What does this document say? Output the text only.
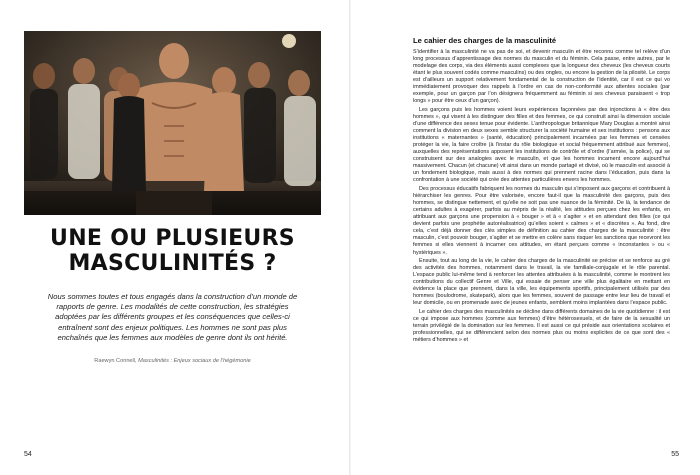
UNE OU PLUSIEURS
MASCULINITÉS ?
Nous sommes toutes et tous engagés dans la construction d’un monde de rapports de genre. Les modalités de cette construction, les stratégies adoptées par les différents groupes et les conséquences que celles-ci entraînent sont des enjeux politiques. Les hommes ne sont pas plus enchaînés que les femmes aux modèles de genre dont ils ont hérité.
Raewyn Connell, Masculinités : Enjeux sociaux de l’hégémonie
54
Le cahier des charges de la masculinité

S’identifier à la masculinité ne va pas de soi, et devenir masculin et être reconnu comme tel relève d’un long processus d’apprentissage des normes du masculin et du féminin. Cela passe, entre autres, par le modelage des corps, via des éléments aussi complexes que la longueur des cheveux (les cheveux courts étant le plus souvent codés comme masculins) ou des ongles, ou encore la gestion de la pilosité. Le corps est d’ailleurs un support relativement fondamental de la construction de l’identité, car il est ce qui vo immédiatement provoquer des rappels à l’ordre en cas de non-conformité aux attentes sociales (par exemple, pour un garçon par l’on désignera fréquemment au féminin si ses cheveux paraissent « trop longs » pour être ceux d’un garçon).

Les garçons puis les hommes voient leurs expériences façonnées par des injonctions à « être des hommes », qui visent à les distinguer des filles et des femmes, ce qui construit ainsi la dimension sociale d’une différence des sexes tenue pour évidente. L’anthropologue britannique Mary Douglas a montré ainsi comment la division en deux sexes semble structurer la société humaine et ses institutions : pensons aux institutions « maternantes » (santé, éducation) principalement incarnées par les femmes et censées protéger la vie, la faire croître (à l’instar du rôle biologique et social fréquemment attribué aux femmes), auxquelles des représentations apposent les institutions de contrôle et d’ordre (l’armée, la police), qui se construisent sur des analogies avec le masculin, et que les hommes incarnent encore aujourd’hui massivement. Chacun (et chacune) vit ainsi dans un monde partagé et divisé, où le masculin est associé à un fondement biologique, mais aussi à des normes qui prennent racine dans l’éducation, puis dans la confrontation à une société qui crée des attentes particulières envers les hommes.

Des processus éducatifs fabriquent les normes du masculin qui s’imposent aux garçons et contribuent à hiérarchiser les genres. Pour être valorisée, encore faut-il que la masculinité des garçons, puis des hommes, se distingue nettement, et qu’elle ne soit pas une nuance de la féminité. De là, la tendance de certains adultes à exagérer, parfois au mépris de la réalité, les attitudes perçues chez les enfants, en attribuant aux garçons une propension à « bouger » et à « s’agiter » et en attendant des filles (ce qui devient parfois une prophétie autoréalisatrice) qu’elles soient « calmes » et « discrètes ». Au fond, dire cela, c’est déjà donner des clés simples de définition au cahier des charges de la masculinité : être masculin, c’est pouvoir bouger, s’agiter et se mettre en colère sans risquer les sanctions que recevront les femmes si elles viennent à incarner ces attitudes, en étant perçues comme « inconstantes » ou « hystériques ».

Ensuite, tout au long de la vie, le cahier des charges de la masculinité se précise et se renforce au gré des activités des hommes, notamment dans le travail, la vie familiale-conjugale et le rôle parental. L’espace public lui-même tend à renforcer les attentes attribuées à la masculinité, comme le montrent les contributions du collectif Genre et Ville, qui essaie de penser une ville plus égalitaire en mettant en évidence la place que prennent, dans la ville, les équipements sportifs, principalement utilisés par des hommes (boulodrome, skatepark), alors que les femmes, souvent de passage entre leur lieu de travail et leur domicile, ou en promenade avec de jeunes enfants, semblent moins implantées dans l’espace public.

Le cahier des charges des masculinités se décline dans différents domaines de la vie quotidienne : il est ce qui impose aux hommes (comme aux femmes) d’être hétérosexuels, et de faire de la sexualité un terrain privilégié de la domination sur les femmes. Il est aussi ce qui préside aux orientations scolaires et professionnelles, qui se différencient selon des normes plus ou moins explicites de ce que sont des « métiers d’hommes » et

55
